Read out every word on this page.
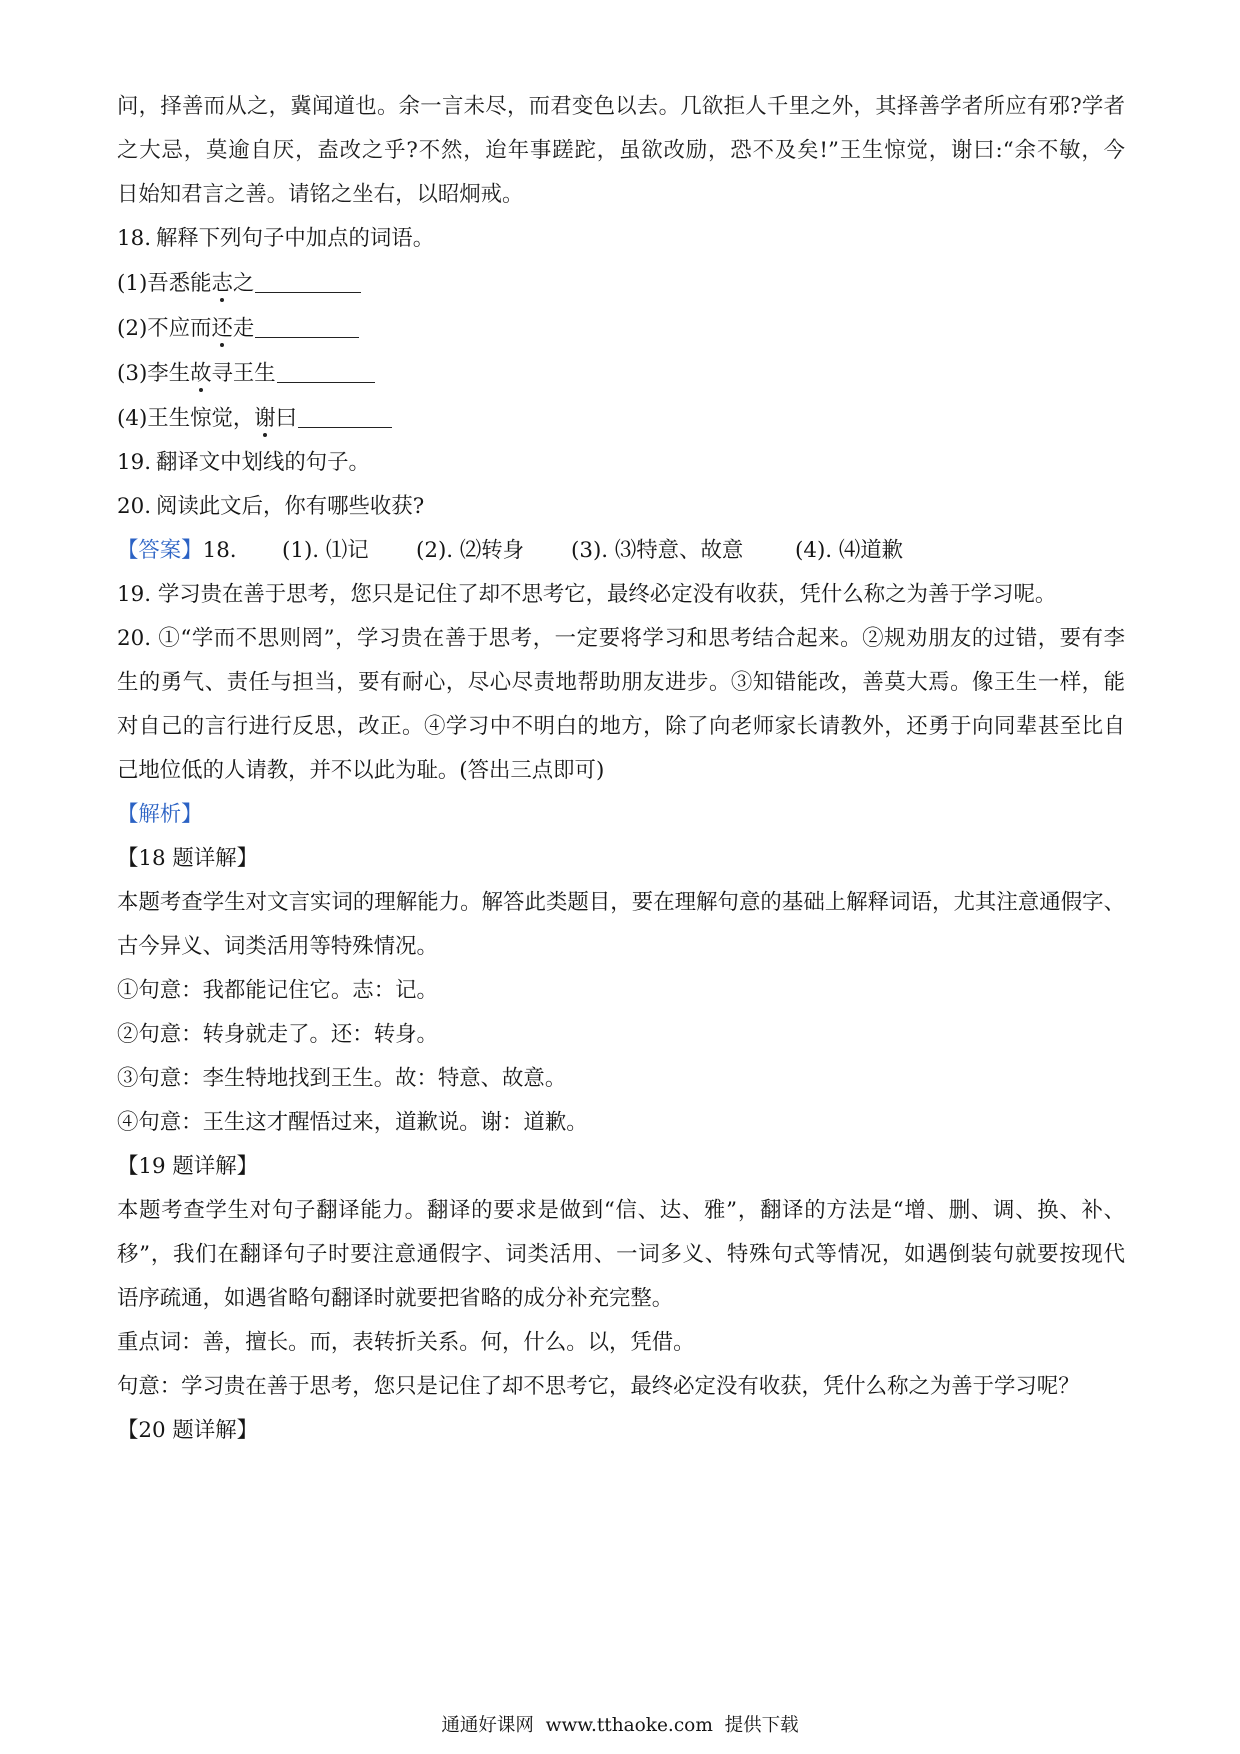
问，择善而从之，冀闻道也。余一言未尽，而君变色以去。几欲拒人千里之外，其择善学者所应有邪?学者
之大忌，莫逾自厌，盍改之乎?不然，迨年事蹉跎，虽欲改励，恐不及矣!”王生惊觉，谢曰:“余不敏，今
日始知君言之善。请铭之坐右，以昭炯戒。
18. 解释下列句子中加点的词语。
(1)吾悉能志之
(2)不应而还走
(3)李生故寻王生
(4)王生惊觉，谢曰
19. 翻译文中划线的句子。
20. 阅读此文后，你有哪些收获?
【答案】18. (1). ⑴记 (2). ⑵转身 (3). ⑶特意、故意 (4). ⑷道歉
19. 学习贵在善于思考，您只是记住了却不思考它，最终必定没有收获，凭什么称之为善于学习呢。
20. ①“学而不思则罔”，学习贵在善于思考，一定要将学习和思考结合起来。②规劝朋友的过错，要有李
生的勇气、责任与担当，要有耐心，尽心尽责地帮助朋友进步。③知错能改，善莫大焉。像王生一样，能
对自己的言行进行反思，改正。④学习中不明白的地方，除了向老师家长请教外，还勇于向同辈甚至比自
己地位低的人请教，并不以此为耻。(答出三点即可)
【解析】
【18 题详解】
本题考查学生对文言实词的理解能力。解答此类题目，要在理解句意的基础上解释词语，尤其注意通假字、
古今异义、词类活用等特殊情况。
①句意：我都能记住它。志：记。
②句意：转身就走了。还：转身。
③句意：李生特地找到王生。故：特意、故意。
④句意：王生这才醒悟过来，道歉说。谢：道歉。
【19 题详解】
本题考查学生对句子翻译能力。翻译的要求是做到“信、达、雅”，翻译的方法是“增、删、调、换、补、
移”，我们在翻译句子时要注意通假字、词类活用、一词多义、特殊句式等情况，如遇倒装句就要按现代
语序疏通，如遇省略句翻译时就要把省略的成分补充完整。
重点词：善，擅长。而，表转折关系。何，什么。以，凭借。
句意：学习贵在善于思考，您只是记住了却不思考它，最终必定没有收获，凭什么称之为善于学习呢？
【20 题详解】
通通好课网  www.tthaoke.com  提供下载
